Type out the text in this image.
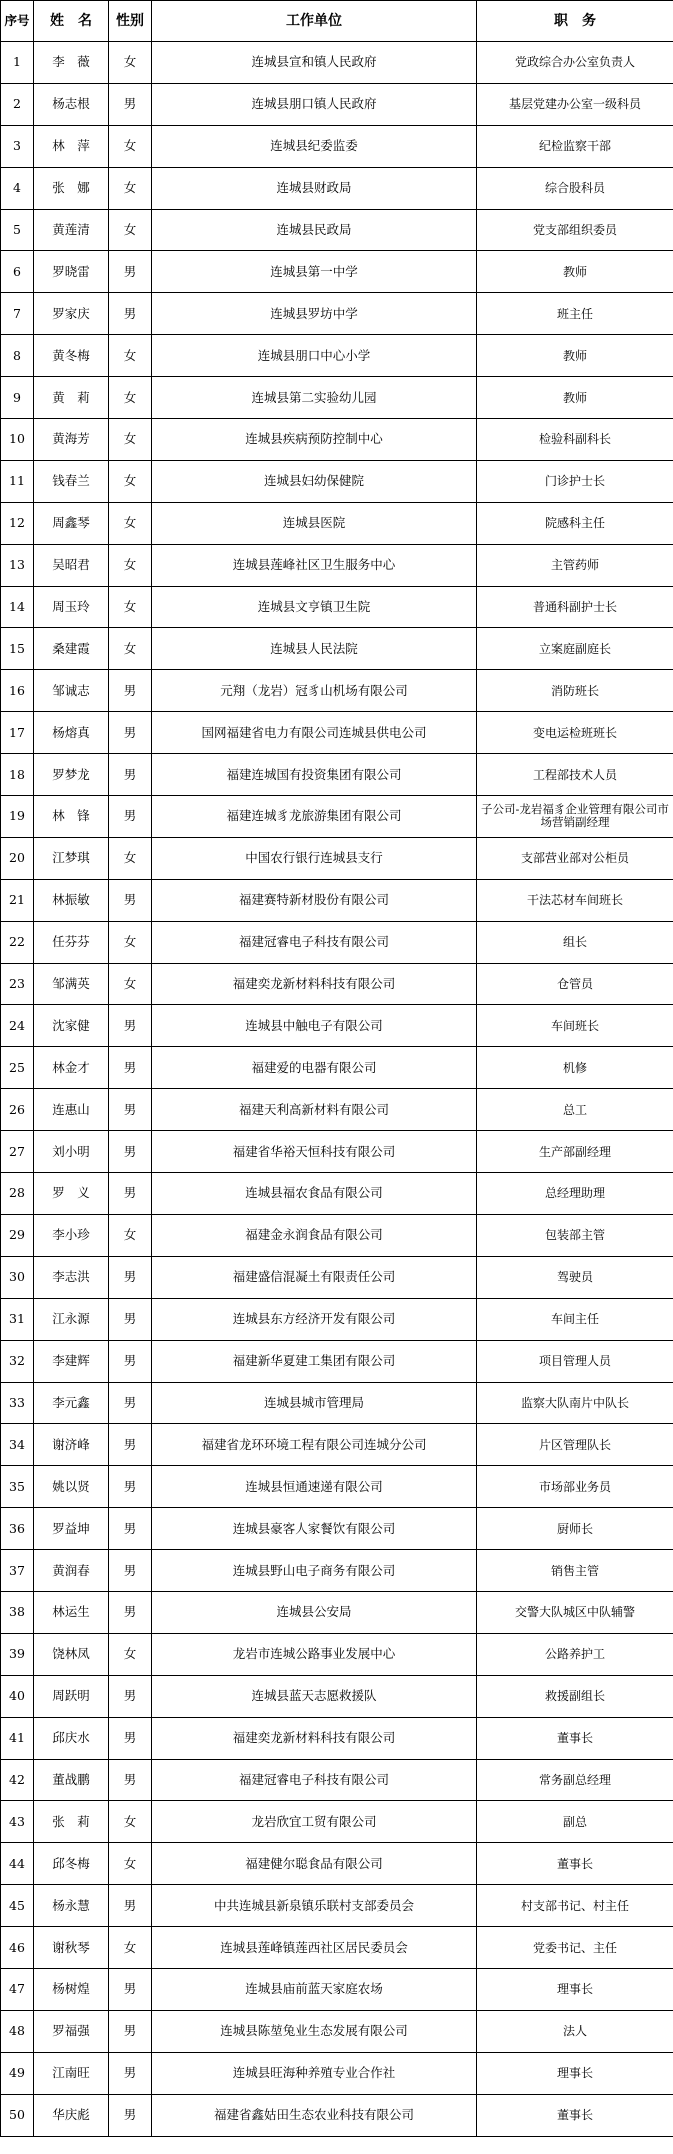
序号	姓　名	性别	工作单位	职　务
1	李　薇	女	连城县宣和镇人民政府	党政综合办公室负责人
2	杨志根	男	连城县朋口镇人民政府	基层党建办公室一级科员
3	林　萍	女	连城县纪委监委	纪检监察干部
4	张　娜	女	连城县财政局	综合股科员
5	黄莲清	女	连城县民政局	党支部组织委员
6	罗晓雷	男	连城县第一中学	教师
7	罗家庆	男	连城县罗坊中学	班主任
8	黄冬梅	女	连城县朋口中心小学	教师
9	黄　莉	女	连城县第二实验幼儿园	教师
10	黄海芳	女	连城县疾病预防控制中心	检验科副科长
11	钱春兰	女	连城县妇幼保健院	门诊护士长
12	周鑫琴	女	连城县医院	院感科主任
13	吴昭君	女	连城县莲峰社区卫生服务中心	主管药师
14	周玉玲	女	连城县文亨镇卫生院	普通科副护士长
15	桑建霞	女	连城县人民法院	立案庭副庭长
16	邹诚志	男	元翔（龙岩）冠豸山机场有限公司	消防班长
17	杨熔真	男	国网福建省电力有限公司连城县供电公司	变电运检班班长
18	罗梦龙	男	福建连城国有投资集团有限公司	工程部技术人员
19	林　锋	男	福建连城豸龙旅游集团有限公司	子公司-龙岩福豸企业管理有限公司市场营销副经理
20	江梦琪	女	中国农行银行连城县支行	支部营业部对公柜员
21	林振敏	男	福建赛特新材股份有限公司	干法芯材车间班长
22	任芬芬	女	福建冠睿电子科技有限公司	组长
23	邹满英	女	福建奕龙新材料科技有限公司	仓管员
24	沈家健	男	连城县中触电子有限公司	车间班长
25	林金才	男	福建爱的电器有限公司	机修
26	连惠山	男	福建天利高新材料有限公司	总工
27	刘小明	男	福建省华裕天恒科技有限公司	生产部副经理
28	罗　义	男	连城县福农食品有限公司	总经理助理
29	李小珍	女	福建金永润食品有限公司	包装部主管
30	李志洪	男	福建盛信混凝土有限责任公司	驾驶员
31	江永源	男	连城县东方经济开发有限公司	车间主任
32	李建辉	男	福建新华夏建工集团有限公司	项目管理人员
33	李元鑫	男	连城县城市管理局	监察大队南片中队长
34	谢济峰	男	福建省龙环环境工程有限公司连城分公司	片区管理队长
35	姚以贤	男	连城县恒通速递有限公司	市场部业务员
36	罗益坤	男	连城县豪客人家餐饮有限公司	厨师长
37	黄润春	男	连城县野山电子商务有限公司	销售主管
38	林运生	男	连城县公安局	交警大队城区中队辅警
39	饶林凤	女	龙岩市连城公路事业发展中心	公路养护工
40	周跃明	男	连城县蓝天志愿救援队	救援副组长
41	邱庆水	男	福建奕龙新材料科技有限公司	董事长
42	董战鹏	男	福建冠睿电子科技有限公司	常务副总经理
43	张　莉	女	龙岩欣宜工贸有限公司	副总
44	邱冬梅	女	福建健尔聪食品有限公司	董事长
45	杨永慧	男	中共连城县新泉镇乐联村支部委员会	村支部书记、村主任
46	谢秋琴	女	连城县莲峰镇莲西社区居民委员会	党委书记、主任
47	杨树煌	男	连城县庙前蓝天家庭农场	理事长
48	罗福强	男	连城县陈堃兔业生态发展有限公司	法人
49	江南旺	男	连城县旺海种养殖专业合作社	理事长
50	华庆彪	男	福建省鑫姑田生态农业科技有限公司	董事长
